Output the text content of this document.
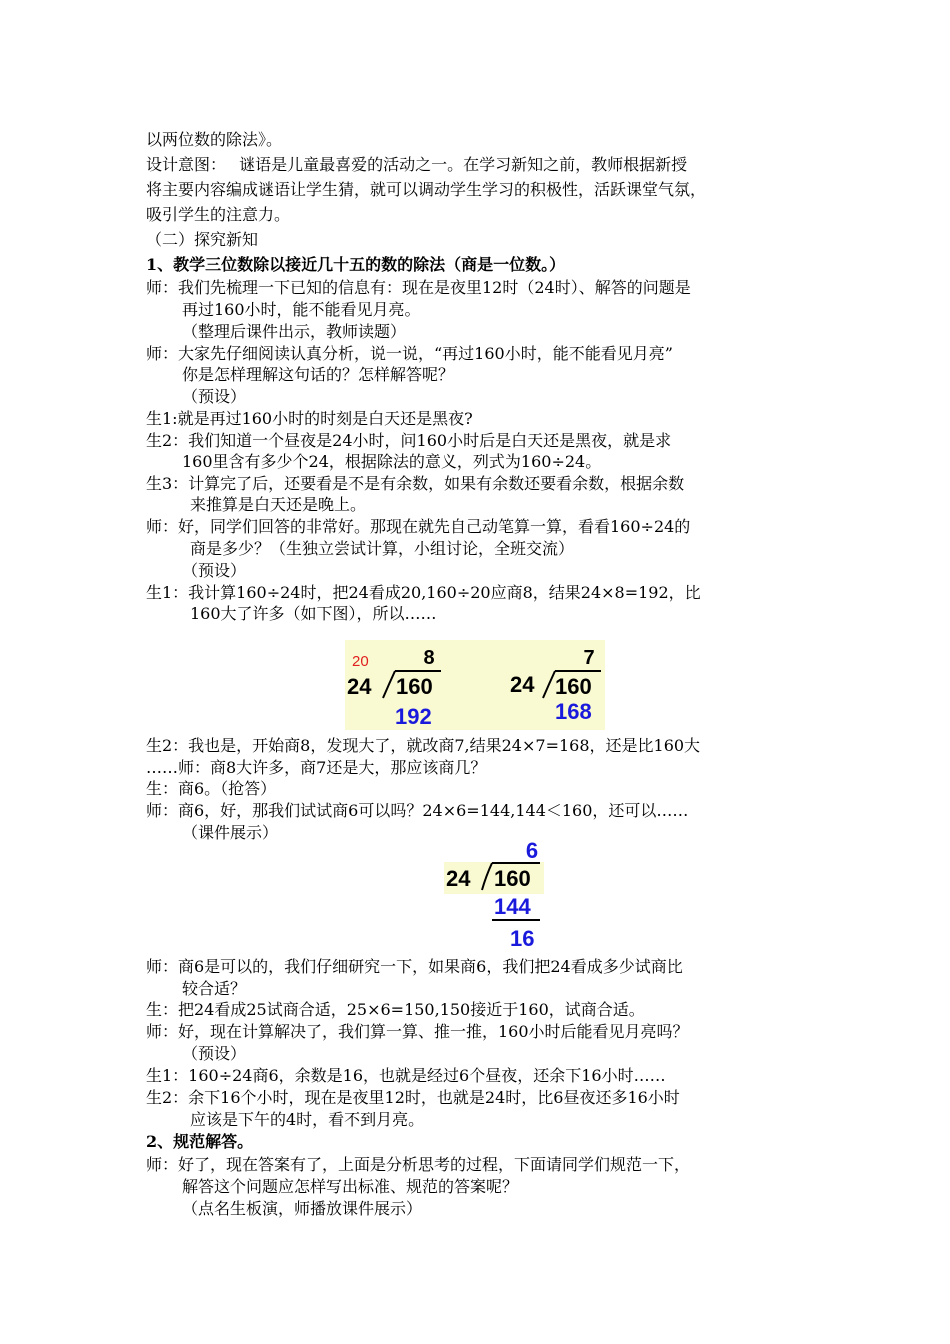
以两位数的除法》。
设计意图：　 谜语是儿童最喜爱的活动之一。在学习新知之前，教师根据新授
将主要内容编成谜语让学生猜，就可以调动学生学习的积极性，活跃课堂气氛，
吸引学生的注意力。
（二）探究新知
1、教学三位数除以接近几十五的数的除法（商是一位数。）
师：我们先梳理一下已知的信息有：现在是夜里12时（24时）、解答的问题是
再过160小时，能不能看见月亮。
（整理后课件出示，教师读题）
师：大家先仔细阅读认真分析，说一说，“再过160小时，能不能看见月亮”
你是怎样理解这句话的？怎样解答呢？
（预设）
生1:就是再过160小时的时刻是白天还是黑夜?
生2：我们知道一个昼夜是24小时，问160小时后是白天还是黑夜，就是求
160里含有多少个24，根据除法的意义，列式为160÷24。
生3：计算完了后，还要看是不是有余数，如果有余数还要看余数，根据余数
来推算是白天还是晚上。
师：好，同学们回答的非常好。那现在就先自己动笔算一算，看看160÷24的
商是多少？（生独立尝试计算，小组讨论，全班交流）
（预设）
生1：我计算160÷24时，把24看成20,160÷20应商8，结果24×8=192，比
160大了许多（如下图），所以……
20	8
24 160
192
7
24 160
168
生2：我也是，开始商8，发现大了，就改商7,结果24×7=168，还是比160大
……师：商8大许多，商7还是大，那应该商几？
生：商6。（抢答）
师：商6，好，那我们试试商6可以吗？24×6=144,144＜160，还可以……
（课件展示）
6
24 160
144
16
师：商6是可以的，我们仔细研究一下，如果商6，我们把24看成多少试商比
较合适？
生：把24看成25试商合适，25×6=150,150接近于160，试商合适。
师：好，现在计算解决了，我们算一算、推一推，160小时后能看见月亮吗？
（预设）
生1：160÷24商6，余数是16，也就是经过6个昼夜，还余下16小时……
生2：余下16个小时，现在是夜里12时，也就是24时，比6昼夜还多16小时
应该是下午的4时，看不到月亮。
2、规范解答。
师：好了，现在答案有了，上面是分析思考的过程，下面请同学们规范一下，
解答这个问题应怎样写出标准、规范的答案呢？
（点名生板演，师播放课件展示）
